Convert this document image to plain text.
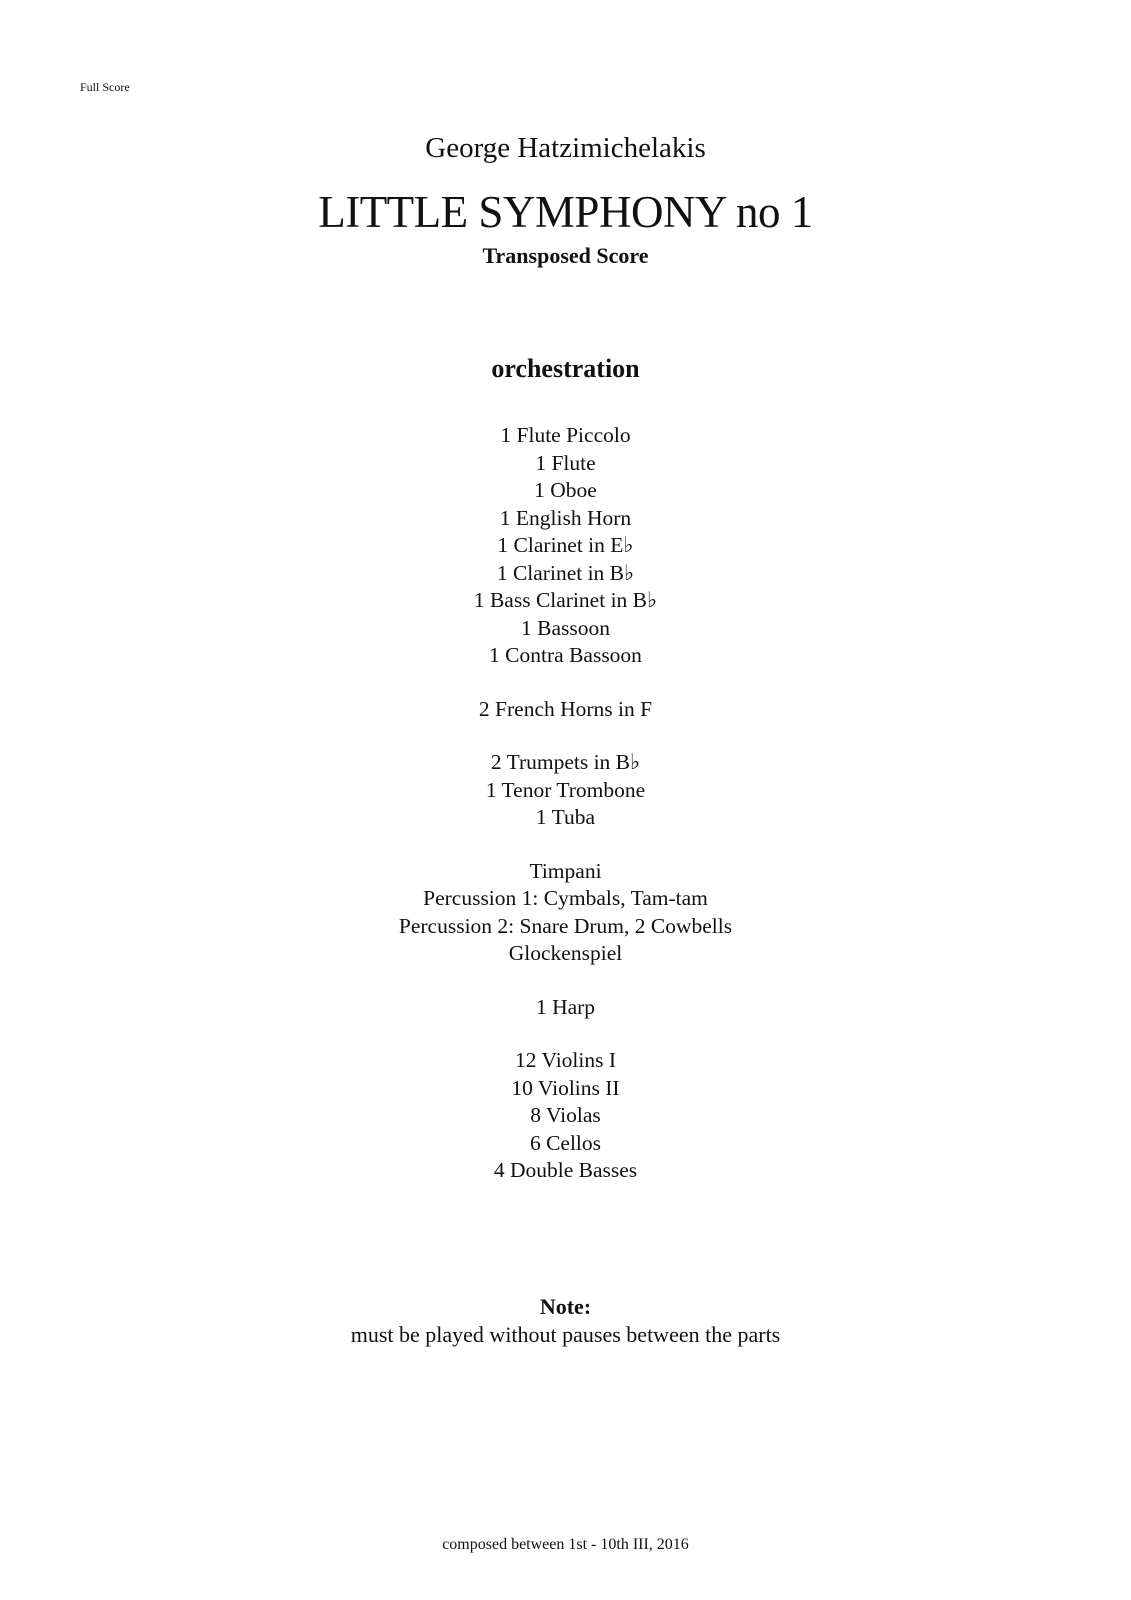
Full Score
George Hatzimichelakis
LITTLE SYMPHONY no 1
Transposed Score
orchestration
1 Flute Piccolo
1 Flute
1 Oboe
1 English Horn
1 Clarinet in E♭
1 Clarinet in B♭
1 Bass Clarinet in B♭
1 Bassoon
1 Contra Bassoon
2 French Horns in F
2 Trumpets in B♭
1 Tenor Trombone
1 Tuba
Timpani
Percussion 1: Cymbals, Tam-tam
Percussion 2: Snare Drum, 2 Cowbells
Glockenspiel
1 Harp
12 Violins I
10 Violins II
8 Violas
6 Cellos
4 Double Basses
Note:
must be played without pauses between the parts
composed between 1st - 10th III, 2016
